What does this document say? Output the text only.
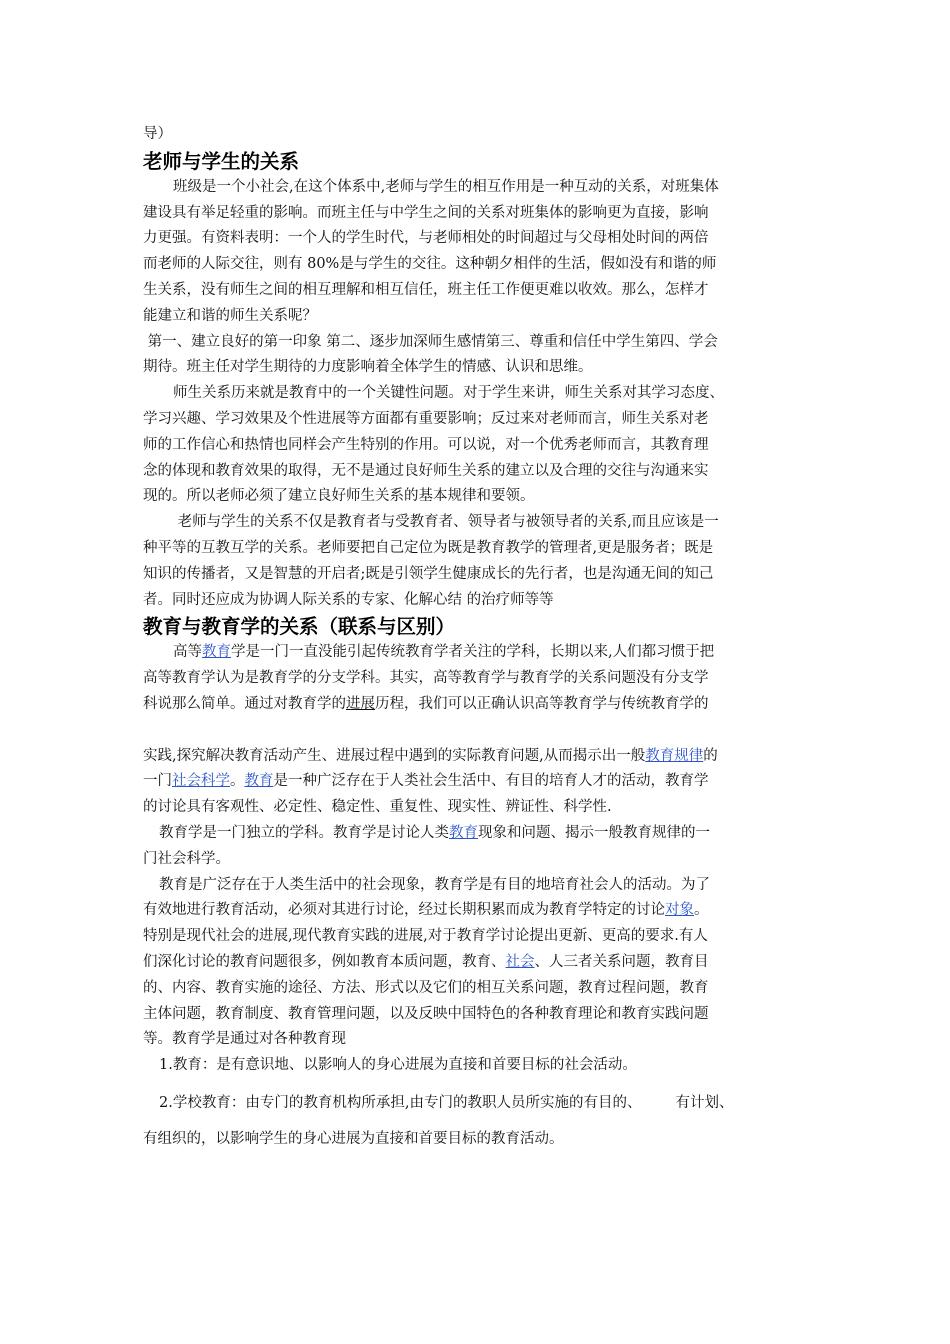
导）
老师与学生的关系
班级是一个小社会,在这个体系中,老师与学生的相互作用是一种互动的关系，对班集体
建设具有举足轻重的影响。而班主任与中学生之间的关系对班集体的影响更为直接，影响
力更强。有资料表明：一个人的学生时代，与老师相处的时间超过与父母相处时间的两倍
而老师的人际交往，则有 80%是与学生的交往。这种朝夕相伴的生活，假如没有和谐的师
生关系，没有师生之间的相互理解和相互信任，班主任工作便更难以收效。那么，怎样才
能建立和谐的师生关系呢？
第一、建立良好的第一印象 第二、逐步加深师生感情第三、尊重和信任中学生第四、学会
期待。班主任对学生期待的力度影响着全体学生的情感、认识和思维。
师生关系历来就是教育中的一个关键性问题。对于学生来讲，师生关系对其学习态度、
学习兴趣、学习效果及个性进展等方面都有重要影响；反过来对老师而言，师生关系对老
师的工作信心和热情也同样会产生特别的作用。可以说，对一个优秀老师而言，其教育理
念的体现和教育效果的取得，无不是通过良好师生关系的建立以及合理的交往与沟通来实
现的。所以老师必须了建立良好师生关系的基本规律和要领。
老师与学生的关系不仅是教育者与受教育者、领导者与被领导者的关系,而且应该是一
种平等的互教互学的关系。老师要把自己定位为既是教育教学的管理者,更是服务者；既是
知识的传播者，又是智慧的开启者;既是引领学生健康成长的先行者，也是沟通无间的知己
者。同时还应成为协调人际关系的专家、化解心结 的治疗师等等
教育与教育学的关系（联系与区别）
高等教育学是一门一直没能引起传统教育学者关注的学科，长期以来,人们都习惯于把
高等教育学认为是教育学的分支学科。其实，高等教育学与教育学的关系问题没有分支学
科说那么简单。通过对教育学的进展历程，我们可以正确认识高等教育学与传统教育学的

实践,探究解决教育活动产生、进展过程中遇到的实际教育问题,从而揭示出一般教育规律的
一门社会科学。教育是一种广泛存在于人类社会生活中、有目的培育人才的活动，教育学
的讨论具有客观性、必定性、稳定性、重复性、现实性、辨证性、科学性.
教育学是一门独立的学科。教育学是讨论人类教育现象和问题、揭示一般教育规律的一
门社会科学。
教育是广泛存在于人类生活中的社会现象，教育学是有目的地培育社会人的活动。为了
有效地进行教育活动，必须对其进行讨论，经过长期积累而成为教育学特定的讨论对象。
特别是现代社会的进展,现代教育实践的进展,对于教育学讨论提出更新、更高的要求.有人
们深化讨论的教育问题很多，例如教育本质问题，教育、社会、人三者关系问题，教育目
的、内容、教育实施的途径、方法、形式以及它们的相互关系问题，教育过程问题，教育
主体问题，教育制度、教育管理问题，以及反映中国特色的各种教育理论和教育实践问题
等。教育学是通过对各种教育现
1.教育：是有意识地、以影响人的身心进展为直接和首要目标的社会活动。
2.学校教育：由专门的教育机构所承担,由专门的教职人员所实施的有目的、 有计划、
有组织的，以影响学生的身心进展为直接和首要目标的教育活动。
